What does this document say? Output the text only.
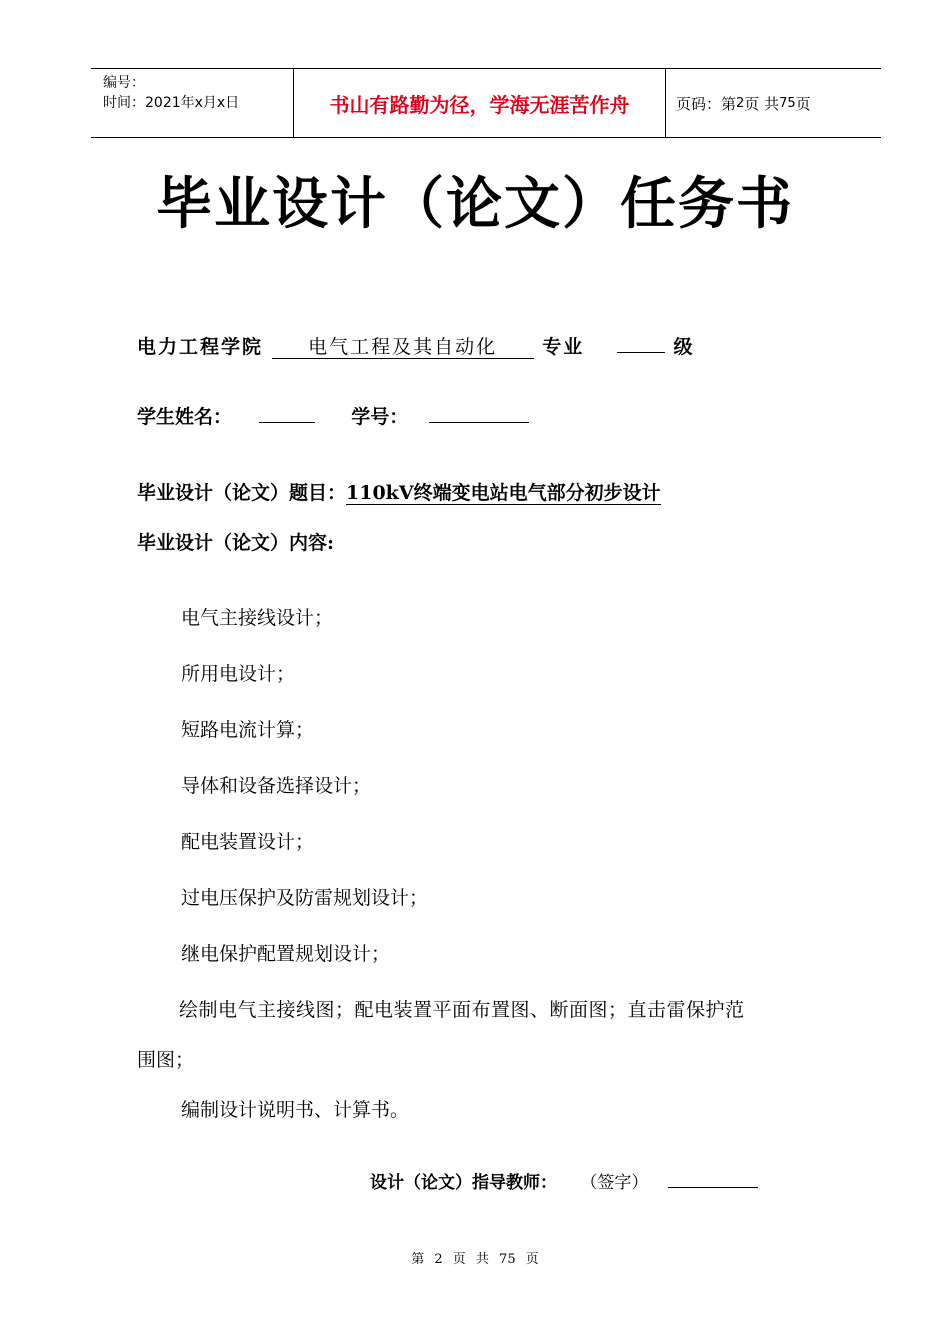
编号：
时间：2021年x月x日	书山有路勤为径，学海无涯苦作舟	页码：第 2 页 共 75 页
毕业设计（论文）任务书
电力工程学院 电气工程及其自动化 专业	级
学生姓名：	学号：
毕业设计（论文）题目：110kV终端变电站电气部分初步设计
毕业设计（论文）内容:
电气主接线设计；
所用电设计；
短路电流计算；
导体和设备选择设计；
配电装置设计；
过电压保护及防雷规划设计；
继电保护配置规划设计；
绘制电气主接线图；配电装置平面布置图、断面图；直击雷保护范
围图；
编制设计说明书、计算书。
设计（论文）指导教师： （签字）
第 2 页 共 75 页
